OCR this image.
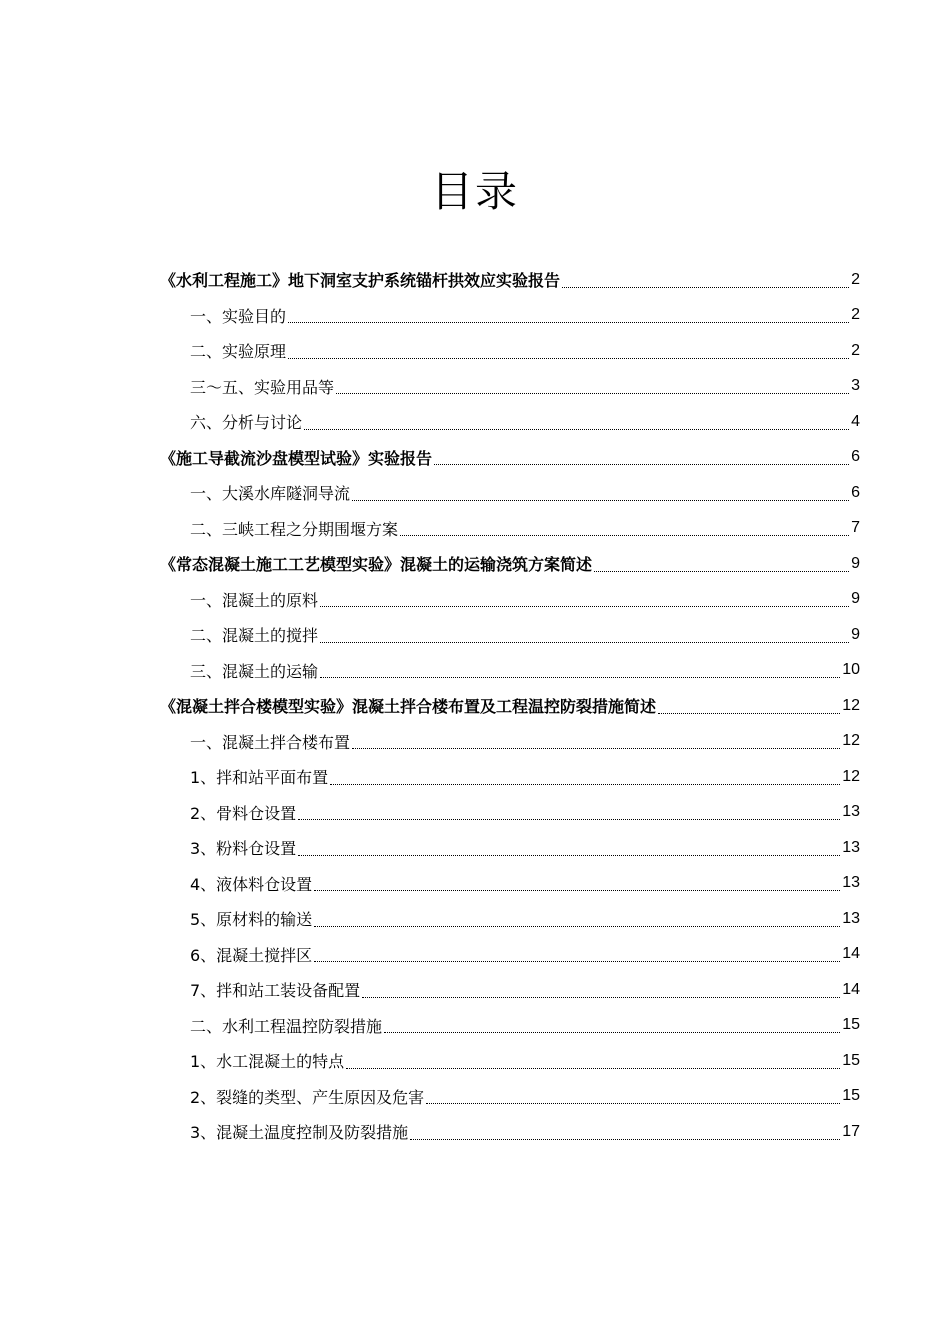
目录
《水利工程施工》地下洞室支护系统锚杆拱效应实验报告	2
一、实验目的	2
二、实验原理	2
三～五、实验用品等	3
六、分析与讨论	4
《施工导截流沙盘模型试验》实验报告	6
一、大溪水库隧洞导流	6
二、三峡工程之分期围堰方案	7
《常态混凝土施工工艺模型实验》混凝土的运输浇筑方案简述	9
一、混凝土的原料	9
二、混凝土的搅拌	9
三、混凝土的运输	10
《混凝土拌合楼模型实验》混凝土拌合楼布置及工程温控防裂措施简述	12
一、混凝土拌合楼布置	12
1、拌和站平面布置	12
2、骨料仓设置	13
3、粉料仓设置	13
4、液体料仓设置	13
5、原材料的输送	13
6、混凝土搅拌区	14
7、拌和站工装设备配置	14
二、水利工程温控防裂措施	15
1、水工混凝土的特点	15
2、裂缝的类型、产生原因及危害	15
3、混凝土温度控制及防裂措施	17
